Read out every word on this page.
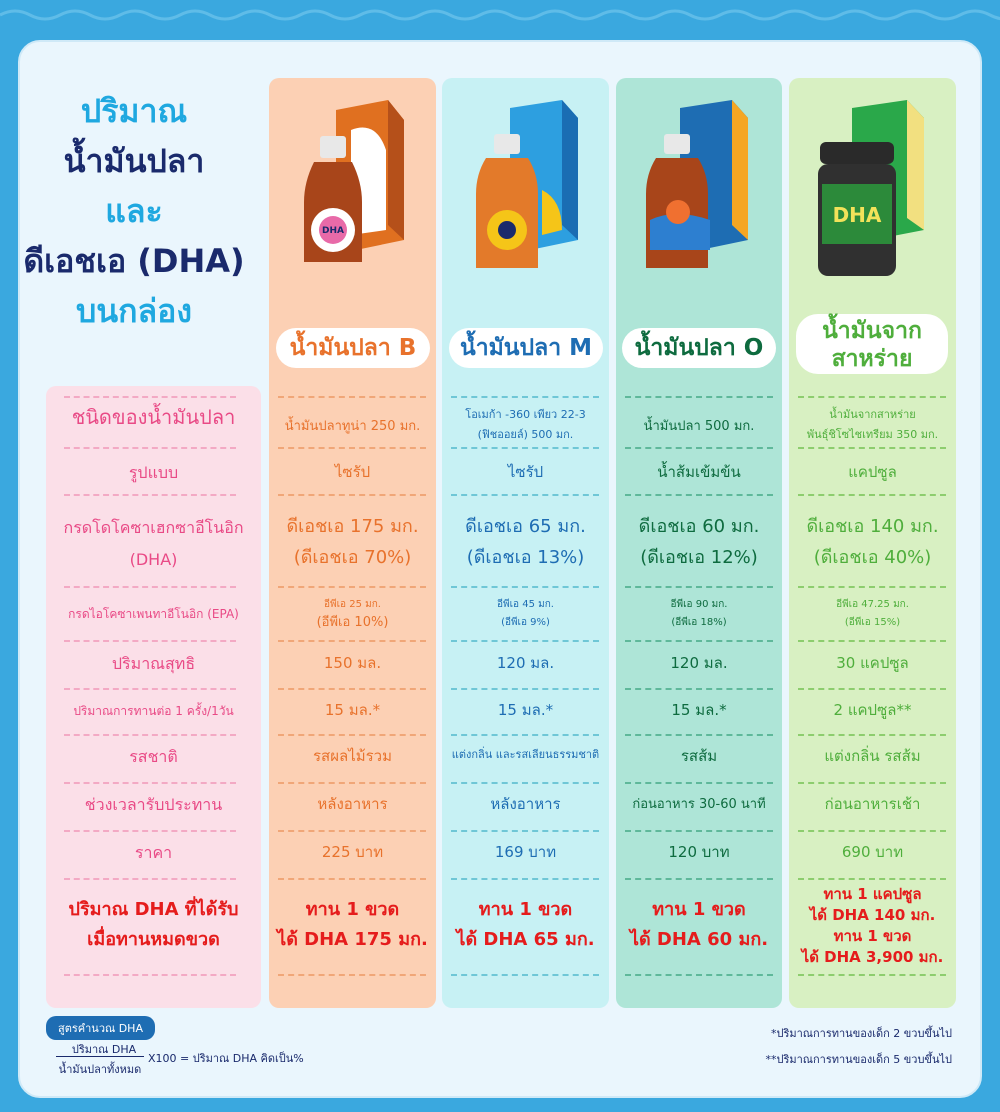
ปริมาณ
น้ำมันปลา
และ
ดีเอชเอ (DHA)
บนกล่อง
DHA
DHA
น้ำมันปลา B	น้ำมันปลา M	น้ำมันปลา O
น้ำมันจาก
สาหร่าย
ชนิดของน้ำมันปลา
รูปแบบ
กรดโดโคซาเฮกซาอีโนอิก
(DHA)
กรดไอโคซาเพนทาอีโนอิก (EPA)
ปริมาณสุทธิ
ปริมาณการทานต่อ 1 ครั้ง/1วัน
รสชาติ
ช่วงเวลารับประทาน
ราคา
ปริมาณ DHA ที่ได้รับ
เมื่อทานหมดขวด
น้ำมันปลาทูน่า 250 มก.
ไซรัป
ดีเอชเอ 175 มก.
(ดีเอชเอ 70%)
อีพีเอ 25 มก.
(อีพีเอ 10%)
150 มล.
15 มล.*
รสผลไม้รวม
หลังอาหาร
225 บาท
ทาน 1 ขวด
ได้ DHA 175 มก.
โอเมก้า -360 เพียว 22-3
(ฟิชออยล์) 500 มก.
ไซรัป
ดีเอชเอ 65 มก.
(ดีเอชเอ 13%)
อีพีเอ 45 มก.
(อีพีเอ 9%)
120 มล.
15 มล.*
แต่งกลิ่น และรสเลียนธรรมชาติ
หลังอาหาร
169 บาท
ทาน 1 ขวด
ได้ DHA 65 มก.
น้ำมันปลา 500 มก.
น้ำส้มเข้มข้น
ดีเอชเอ 60 มก.
(ดีเอชเอ 12%)
อีพีเอ 90 มก.
(อีพีเอ 18%)
120 มล.
15 มล.*
รสส้ม
ก่อนอาหาร 30-60 นาที
120 บาท
ทาน 1 ขวด
ได้ DHA 60 มก.
น้ำมันจากสาหร่าย
พันธุ์ชิโซไชเทรียม 350 มก.
แคปซูล
ดีเอชเอ 140 มก.
(ดีเอชเอ 40%)
อีพีเอ 47.25 มก.
(อีพีเอ 15%)
30 แคปซูล
2 แคปซูล**
แต่งกลิ่น รสส้ม
ก่อนอาหารเช้า
690 บาท
ทาน 1 แคปซูล
ได้ DHA 140 มก.
ทาน 1 ขวด
ได้ DHA 3,900 มก.
สูตรคำนวณ DHA
ปริมาณ DHA
น้ำมันปลาทั้งหมด
X100 = ปริมาณ DHA คิดเป็น%
*ปริมาณการทานของเด็ก 2 ขวบขึ้นไป
**ปริมาณการทานของเด็ก 5 ขวบขึ้นไป
